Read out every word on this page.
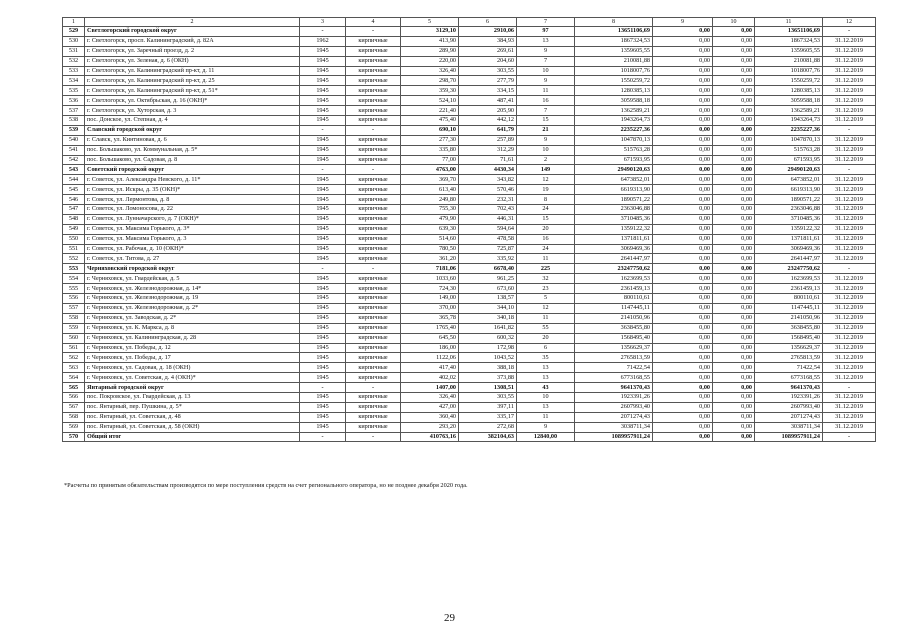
1	2	3	4	5	6	7	8	9	10	11	12
529	Светлогорский городской округ	-	-	3129,10	2910,06	97	13651106,69	0,00	0,00	13651106,69	-
530	г. Светлогорск, просп. Калининградский, д. 82А	1962	кирпичные	413,90	384,93	13	1867324,53	0,00	0,00	1867324,53	31.12.2019
531	г. Светлогорск, ул. Заречный проезд, д. 2	1945	кирпичные	289,90	269,61	9	1359605,55	0,00	0,00	1359605,55	31.12.2019
532	г. Светлогорск, ул. Зеленая, д. 6 (ОКН)	1945	кирпичные	220,00	204,60	7	210081,88	0,00	0,00	210081,88	31.12.2019
533	г. Светлогорск, ул. Калининградский пр-кт, д. 11	1945	кирпичные	326,40	303,55	10	1018007,76	0,00	0,00	1018007,76	31.12.2019
534	г. Светлогорск, ул. Калининградский пр-кт, д. 25	1945	кирпичные	298,70	277,79	9	1550259,72	0,00	0,00	1550259,72	31.12.2019
535	г. Светлогорск, ул. Калининградский пр-кт, д. 51*	1945	кирпичные	359,30	334,15	11	1280385,13	0,00	0,00	1280385,13	31.12.2019
536	г. Светлогорск, ул. Октябрьская, д. 16 (ОКН)*	1945	кирпичные	524,10	487,41	16	3059588,18	0,00	0,00	3059588,18	31.12.2019
537	г. Светлогорск, ул. Хуторская, д. 3	1945	кирпичные	221,40	205,90	7	1362589,21	0,00	0,00	1362589,21	31.12.2019
538	пос. Донское, ул. Степная, д. 4	1945	кирпичные	475,40	442,12	15	1943264,73	0,00	0,00	1943264,73	31.12.2019
539	Славский городской округ	-	-	690,10	641,79	21	2235227,36	0,00	0,00	2235227,36	-
540	г. Славск, ул. Кинтиновая, д. 6	1945	кирпичные	277,30	257,89	9	1047870,13	0,00	0,00	1047870,13	31.12.2019
541	пос. Большаково, ул. Коммунальная, д. 5*	1945	кирпичные	335,80	312,29	10	515763,28	0,00	0,00	515763,28	31.12.2019
542	пос. Большаково, ул. Садовая, д. 8	1945	кирпичные	77,00	71,61	2	671593,95	0,00	0,00	671593,95	31.12.2019
543	Советский городской округ	-	-	4763,00	4430,34	149	29490120,63	0,00	0,00	29490120,63	-
544	г. Советск, ул. Александра Невского, д. 11*	1945	кирпичные	369,70	343,82	12	6473852,01	0,00	0,00	6473852,01	31.12.2019
545	г. Советск, ул. Искры, д. 35 (ОКН)*	1945	кирпичные	613,40	570,46	19	6619313,90	0,00	0,00	6619313,90	31.12.2019
546	г. Советск, ул. Лермонтова, д. 8	1945	кирпичные	249,80	232,31	8	1890571,22	0,00	0,00	1890571,22	31.12.2019
547	г. Советск, ул. Ломоносова, д. 22	1945	кирпичные	755,30	702,43	24	2363046,88	0,00	0,00	2363046,88	31.12.2019
548	г. Советск, ул. Лунначарского, д. 7 (ОКН)*	1945	кирпичные	479,90	446,31	15	3710485,36	0,00	0,00	3710485,36	31.12.2019
549	г. Советск, ул. Максима Горького, д. 3*	1945	кирпичные	639,30	594,64	20	1359122,32	0,00	0,00	1359122,32	31.12.2019
550	г. Советск, ул. Максима Горького, д. 3	1945	кирпичные	514,60	478,58	16	1371811,61	0,00	0,00	1371811,61	31.12.2019
551	г. Советск, ул. Рабочая, д. 10 (ОКН)*	1945	кирпичные	780,50	725,87	24	3069469,36	0,00	0,00	3069469,36	31.12.2019
552	г. Советск, ул. Титова, д. 27	1945	кирпичные	361,20	335,92	11	2641447,97	0,00	0,00	2641447,97	31.12.2019
553	Черняховский городской округ	-	-	7181,06	6678,40	225	23247750,62	0,00	0,00	23247750,62	-
554	г. Черняховск, ул. Гвардейская, д. 5	1945	кирпичные	1033,60	961,25	32	1623699,53	0,00	0,00	1623699,53	31.12.2019
555	г. Черняховск, ул. Железнодорожная, д. 14*	1945	кирпичные	724,30	673,60	23	2361459,13	0,00	0,00	2361459,13	31.12.2019
556	г. Черняховск, ул. Железнодорожная, д. 19	1945	кирпичные	149,00	138,57	5	800110,61	0,00	0,00	800110,61	31.12.2019
557	г. Черняховск, ул. Железнодорожная, д. 2*	1945	кирпичные	370,00	344,10	12	1147445,11	0,00	0,00	1147445,11	31.12.2019
558	г. Черняховск, ул. Заводская, д. 2*	1945	кирпичные	365,78	340,18	11	2141050,96	0,00	0,00	2141050,96	31.12.2019
559	г. Черняховск, ул. К. Маркса, д. 8	1945	кирпичные	1765,40	1641,82	55	3638455,80	0,00	0,00	3638455,80	31.12.2019
560	г. Черняховск, ул. Калининградская, д. 28	1945	кирпичные	645,50	600,32	20	1568495,40	0,00	0,00	1568495,40	31.12.2019
561	г. Черняховск, ул. Победы, д. 12	1945	кирпичные	186,00	172,98	6	1356629,37	0,00	0,00	1356629,37	31.12.2019
562	г. Черняховск, ул. Победы, д. 17	1945	кирпичные	1122,06	1043,52	35	2765813,59	0,00	0,00	2765813,59	31.12.2019
563	г. Черняховск, ул. Садовая, д. 18 (ОКН)	1945	кирпичные	417,40	388,18	13	71422,54	0,00	0,00	71422,54	31.12.2019
564	г. Черняховск, ул. Советская, д. 4 (ОКН)*	1945	кирпичные	402,02	373,88	13	6773168,55	0,00	0,00	6773168,55	31.12.2019
565	Янтарный городской округ	-	-	1407,00	1308,51	43	9641370,43	0,00	0,00	9641370,43	-
566	пос. Покровское, ул. Гвардейская, д. 13	1945	кирпичные	326,40	303,55	10	1923391,26	0,00	0,00	1923391,26	31.12.2019
567	пос. Янтарный, пер. Пушкина, д. 5*	1945	кирпичные	427,00	397,11	13	2607993,40	0,00	0,00	2607993,40	31.12.2019
568	пос. Янтарный, ул. Советская, д. 48	1945	кирпичные	360,40	335,17	11	2071274,43	0,00	0,00	2071274,43	31.12.2019
569	пос. Янтарный, ул. Советская, д. 58 (ОКН)	1945	кирпичные	293,20	272,68	9	3038711,34	0,00	0,00	3038711,34	31.12.2019
570	Общий итог	-	-	410763,16	382104,63	12840,00	1089957911,24	0,00	0,00	1089957911,24	-
*Расчеты по принятым обязательствам производятся по мере поступления средств на счет регионального оператора, но не позднее декабря 2020 года.
29
